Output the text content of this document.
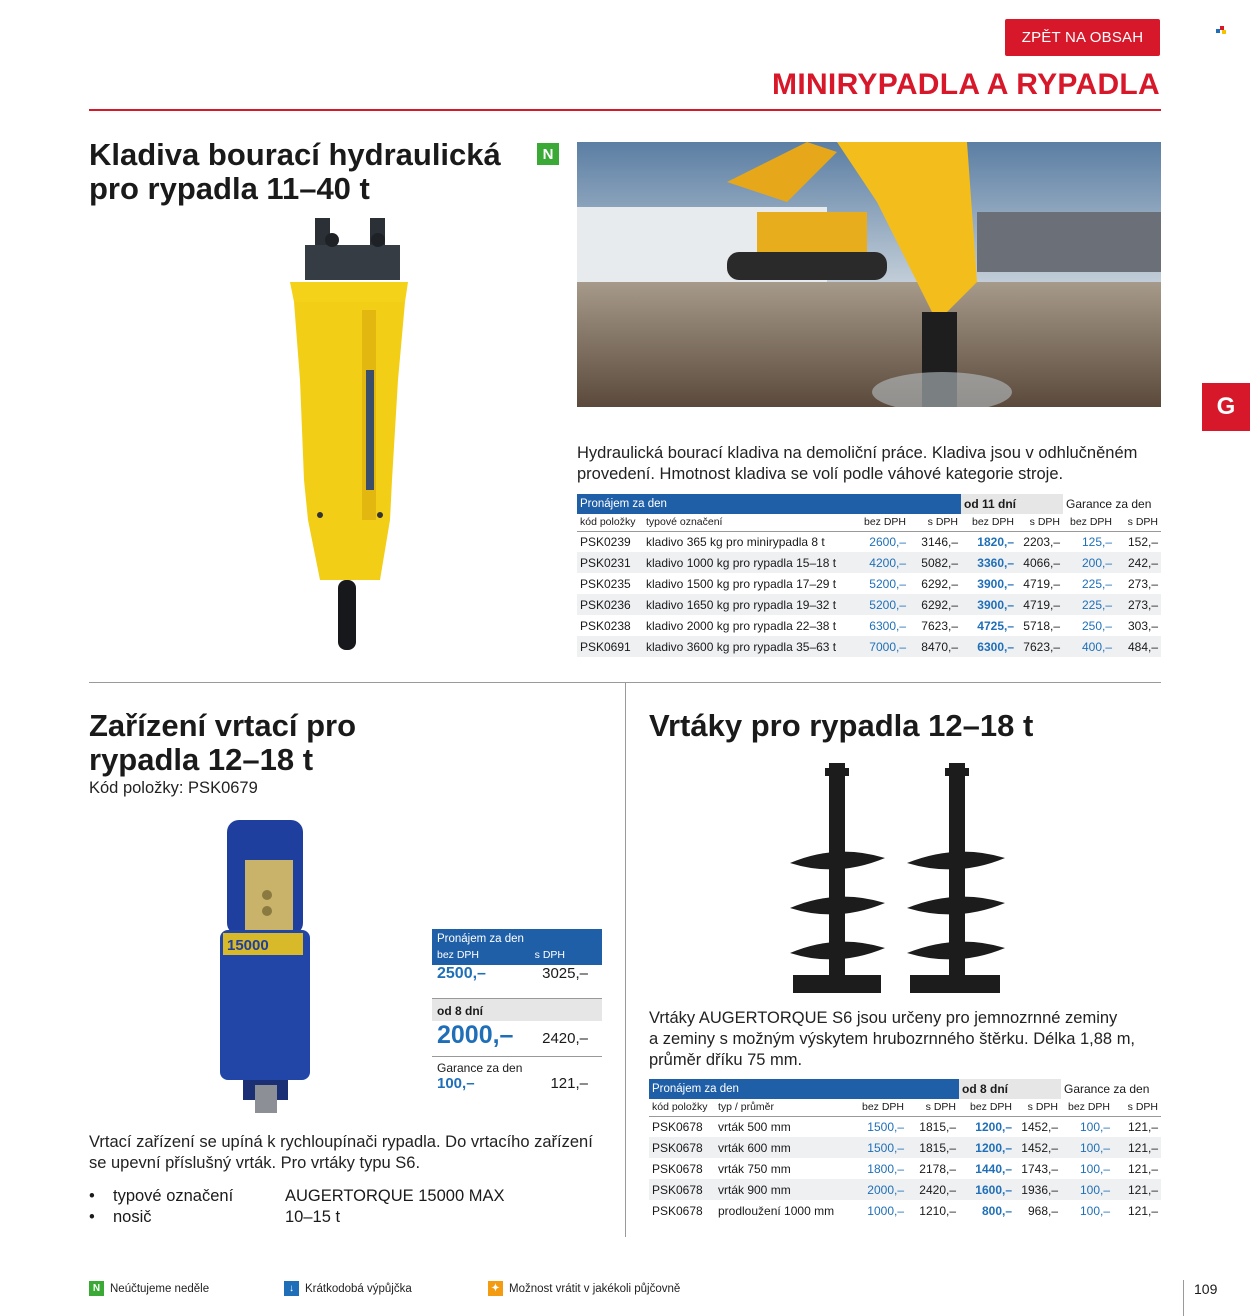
ZPĚT NA OBSAH
MINIRYPADLA A RYPADLA
G
Kladiva bourací hydraulická
pro rypadla 11–40 t
N
Hydraulická bourací kladiva na demoliční práce. Kladiva jsou v odhlučněném
provedení. Hmotnost kladiva se volí podle váhové kategorie stroje.
Pronájem za den				od 11 dní		Garance za den	
kód položky	typové označení	bez DPH	s DPH	bez DPH	s DPH	bez DPH	s DPH
PSK0239	kladivo 365 kg pro minirypadla 8 t	2600,–	3146,–	1820,–	2203,–	125,–	152,–
PSK0231	kladivo 1000 kg pro rypadla 15–18 t	4200,–	5082,–	3360,–	4066,–	200,–	242,–
PSK0235	kladivo 1500 kg pro rypadla 17–29 t	5200,–	6292,–	3900,–	4719,–	225,–	273,–
PSK0236	kladivo 1650 kg pro rypadla 19–32 t	5200,–	6292,–	3900,–	4719,–	225,–	273,–
PSK0238	kladivo 2000 kg pro rypadla 22–38 t	6300,–	7623,–	4725,–	5718,–	250,–	303,–
PSK0691	kladivo 3600 kg pro rypadla 35–63 t	7000,–	8470,–	6300,–	7623,–	400,–	484,–
Zařízení vrtací pro
rypadla 12–18 t
Kód položky: PSK0679
15000	Pronájem za den
bez DPH	s DPH
2500,–	3025,–
od 8 dní
2000,– 2420,–
Garance za den
100,–	121,–
Vrtací zařízení se upíná k rychloupínači rypadla. Do vrtacího zařízení
se upevní příslušný vrták. Pro vrtáky typu S6.
•	typové označení	AUGERTORQUE 15000 MAX
•	nosič	10–15 t
Vrtáky pro rypadla 12–18 t
Vrtáky AUGERTORQUE S6 jsou určeny pro jemnozrnné zeminy
a zeminy s možným výskytem hrubozrnného štěrku. Délka 1,88 m,
průměr dříku 75 mm.
Pronájem za den				od 8 dní		Garance za den	
kód položky	typ / průměr	bez DPH	s DPH	bez DPH	s DPH	bez DPH	s DPH
PSK0678	vrták 500 mm	1500,–	1815,–	1200,–	1452,–	100,–	121,–
PSK0678	vrták 600 mm	1500,–	1815,–	1200,–	1452,–	100,–	121,–
PSK0678	vrták 750 mm	1800,–	2178,–	1440,–	1743,–	100,–	121,–
PSK0678	vrták 900 mm	2000,–	2420,–	1600,–	1936,–	100,–	121,–
PSK0678	prodloužení 1000 mm	1000,–	1210,–	800,–	968,–	100,–	121,–
N Neúčtujeme neděle	↓ Krátkodobá výpůjčka	✦ Možnost vrátit v jakékoli půjčovně	109
